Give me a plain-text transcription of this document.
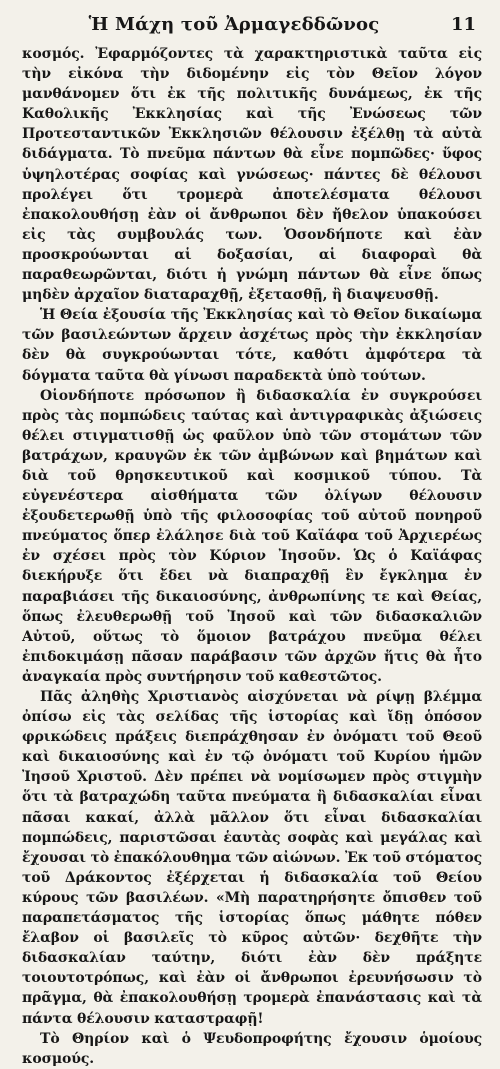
Ἡ Μάχη τοῦ Ἀρμαγεδδῶνος	11

κοσμός. Ἐφαρμόζοντες τὰ χαρακτηριστικὰ ταῦτα εἰς τὴν εἰκόνα τὴν διδομένην εἰς τὸν Θεῖον λόγον μανθάνομεν ὅτι ἐκ τῆς πολιτικῆς δυνάμεως, ἐκ τῆς Καθολικῆς Ἐκκλησίας καὶ τῆς Ἐνώσεως τῶν Προτεσταντικῶν Ἐκκλησιῶν θέλουσιν ἐξέλθῃ τὰ αὐτὰ διδάγματα. Τὸ πνεῦμα πάντων θὰ εἶνε πομπῶδες· ὕφος ὑψηλοτέρας σοφίας καὶ γνώσεως· πάντες δὲ θέλουσι προλέγει ὅτι τρομερὰ ἀποτελέσματα θέλουσι ἐπακολουθήσῃ ἐὰν οἱ ἄνθρωποι δὲν ἤθελον ὑπακούσει εἰς τὰς συμβουλάς των. Ὁσονδήποτε καὶ ἐὰν προσκρούωνται αἱ δοξασίαι, αἱ διαφοραὶ θὰ παραθεωρῶνται, διότι ἡ γνώμη πάντων θὰ εἶνε ὅπως μηδὲν ἀρχαῖον διαταραχθῇ, ἐξετασθῇ, ἢ διαψευσθῇ.

Ἡ Θεία ἐξουσία τῆς Ἐκκλησίας καὶ τὸ Θεῖον δικαίωμα τῶν βασιλεώντων ἄρχειν ἀσχέτως πρὸς τὴν ἐκκλησίαν δὲν θὰ συγκρούωνται τότε, καθότι ἀμφότερα τὰ δόγματα ταῦτα θὰ γίνωσι παραδεκτὰ ὑπὸ τούτων.

Οἱονδήποτε πρόσωπον ἢ διδασκαλία ἐν συγκρούσει πρὸς τὰς πομπώδεις ταύτας καὶ ἀντιγραφικὰς ἀξιώσεις θέλει στιγματισθῇ ὡς φαῦλον ὑπὸ τῶν στομάτων τῶν βατράχων, κραυγῶν ἐκ τῶν ἀμβώνων καὶ βημάτων καὶ διὰ τοῦ θρησκευτικοῦ καὶ κοσμικοῦ τύπου. Τὰ εὐγενέστερα αἰσθήματα τῶν ὀλίγων θέλουσιν ἐξουδετερωθῇ ὑπὸ τῆς φιλοσοφίας τοῦ αὐτοῦ πονηροῦ πνεύματος ὅπερ ἐλάλησε διὰ τοῦ Καϊάφα τοῦ Ἀρχιερέως ἐν σχέσει πρὸς τὸν Κύριον Ἰησοῦν. Ὡς ὁ Καϊάφας διεκήρυξε ὅτι ἔδει νὰ διαπραχθῇ ἓν ἔγκλημα ἐν παραβιάσει τῆς δικαιοσύνης, ἀνθρωπίνης τε καὶ Θείας, ὅπως ἐλευθερωθῇ τοῦ Ἰησοῦ καὶ τῶν διδασκαλιῶν Αὐτοῦ, οὕτως τὸ ὅμοιον βατράχου πνεῦμα θέλει ἐπιδοκιμάσῃ πᾶσαν παράβασιν τῶν ἀρχῶν ἥτις θὰ ἦτο ἀναγκαία πρὸς συντήρησιν τοῦ καθεστῶτος.

Πᾶς ἀληθὴς Χριστιανὸς αἰσχύνεται νὰ ρίψῃ βλέμμα ὀπίσω εἰς τὰς σελίδας τῆς ἱστορίας καὶ ἴδῃ ὁπόσον φρικώδεις πράξεις διεπράχθησαν ἐν ὀνόματι τοῦ Θεοῦ καὶ δικαιοσύνης καὶ ἐν τῷ ὀνόματι τοῦ Κυρίου ἡμῶν Ἰησοῦ Χριστοῦ. Δὲν πρέπει νὰ νομίσωμεν πρὸς στιγμὴν ὅτι τὰ βατραχώδη ταῦτα πνεύματα ἢ διδασκαλίαι εἶναι πᾶσαι κακαί, ἀλλὰ μᾶλλον ὅτι εἶναι διδασκαλίαι πομπώδεις, παριστῶσαι ἑαυτὰς σοφὰς καὶ μεγάλας καὶ ἔχουσαι τὸ ἐπακόλουθημα τῶν αἰώνων. Ἐκ τοῦ στόματος τοῦ Δράκοντος ἐξέρχεται ἡ διδασκαλία τοῦ Θείου κύρους τῶν βασιλέων. «Μὴ παρατηρήσητε ὄπισθεν τοῦ παραπετάσματος τῆς ἱστορίας ὅπως μάθητε πόθεν ἔλαβον οἱ βασιλεῖς τὸ κῦρος αὐτῶν· δεχθῆτε τὴν διδασκαλίαν ταύτην, διότι ἐὰν δὲν πράξητε τοιουτοτρόπως, καὶ ἐὰν οἱ ἄνθρωποι ἐρευνήσωσιν τὸ πρᾶγμα, θὰ ἐπακολουθήσῃ τρομερὰ ἐπανάστασις καὶ τὰ πάντα θέλουσιν καταστραφῇ!

Τὸ Θηρίον καὶ ὁ Ψευδοπροφήτης ἔχουσιν ὁμοίους κοσμούς.
